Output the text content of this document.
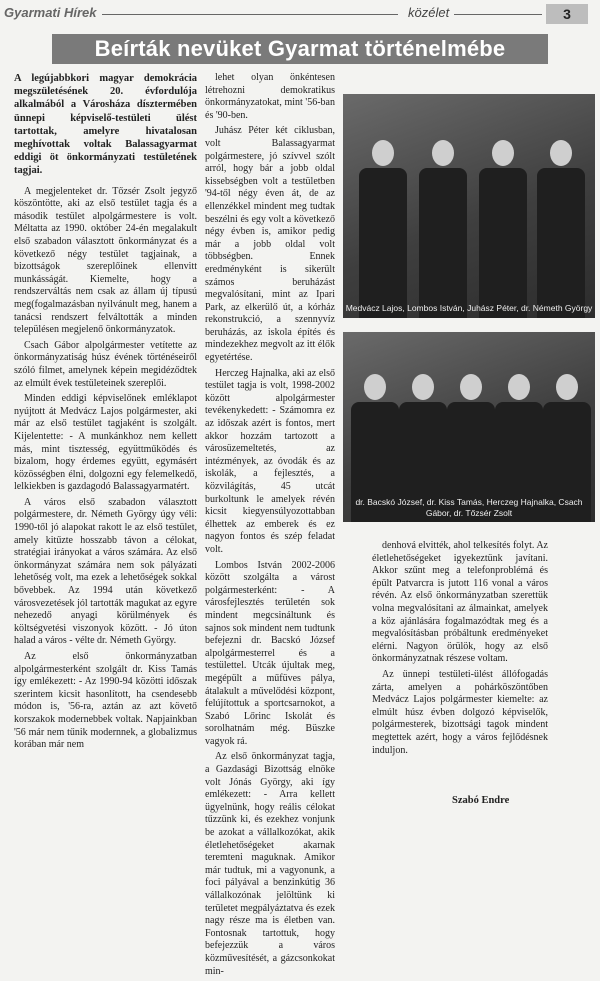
Gyarmati Hírek	közélet	3
Beírták nevüket Gyarmat történelmébe

A legújabbkori magyar demokrácia megszületésének 20. évfordulója alkalmából a Városháza dísztermében ünnepi képviselő-testületi ülést tartottak, amelyre hivatalosan meghívottak voltak Balassagyarmat eddigi öt önkormányzati testületének tagjai.

A megjelenteket dr. Tőzsér Zsolt jegyző köszöntötte, aki az első testület tagja és a második testület alpolgármestere is volt. Méltatta az 1990. október 24-én megalakult első szabadon választott önkormányzat és a következő négy testület tagjainak, a bizottságok szereplőinek ellenvitt munkásságát. Kiemelte, hogy a rendszerváltás nem csak az állam új típusú meg(fogalmazásban nyilvánult meg, hanem a tanácsi rendszert felváltották a minden településen megjelenő önkormányzatok.

Csach Gábor alpolgármester vetítette az önkormányzatiság húsz évének történéseiről szóló filmet, amelynek képein megidéződtek az elmúlt évek testületeinek szereplői.

Minden eddigi képviselőnek emléklapot nyújtott át Medvácz Lajos polgármester, aki már az első testület tagjaként is szolgált. Kijelentette: - A munkánkhoz nem kellett más, mint tisztesség, együttműködés és bizalom, hogy érdemes együtt, egymásért közösségben élni, dolgozni egy felemelkedő, lelkiekben is gazdagodó Balassagyarmatért.

A város első szabadon választott polgármestere, dr. Németh György úgy véli: 1990-től jó alapokat rakott le az első testület, amely kitűzte hosszabb távon a célokat, stratégiai irányokat a város számára. Az első önkormányzat számára nem sok pályázati lehetőség volt, ma ezek a lehetőségek sokkal bővebbek. Az 1994 után következő városvezetések jól tartották magukat az egyre nehezedő anyagi körülmények és költségvetési viszonyok között. - Jó úton halad a város - vélte dr. Németh György.

Az első önkormányzatban alpolgármesterként szolgált dr. Kiss Tamás így emlékezett: - Az 1990-94 közötti időszak szerintem kicsit hasonlított, ha csendesebb módon is, '56-ra, aztán az azt követő korszakok modernebbek voltak. Napjainkban '56 már nem tűnik modernnek, a globalizmus korában már nem

lehet olyan önkéntesen létrehozni demokratikus önkormányzatokat, mint '56-ban és '90-ben.

Juhász Péter két ciklusban, volt Balassagyarmat polgármestere, jó szívvel szólt arról, hogy bár a jobb oldal kissebségben volt a testületben '94-től négy éven át, de az ellenzékkel mindent meg tudtak beszélni és egy volt a következő négy évben is, amikor pedig már a jobb oldal volt többségben. Ennek eredményként is sikerült számos beruházást megvalósítani, mint az Ipari Park, az elkerülő út, a kórház rekonstrukció, a szennyvíz beruházás, az iskola építés és mindezekhez megvolt az itt élők egyetértése.

Herczeg Hajnalka, aki az első testület tagja is volt, 1998-2002 között alpolgármester tevékenykedett: - Számomra ez az időszak azért is fontos, mert akkor hozzám tartozott a városüzemeltetés, az intézmények, az óvodák és az iskolák, a fejlesztés, a közvilágítás, 45 utcát burkoltunk le amelyek révén kicsit kiegyensúlyozottabban élhettek az emberek és ez nagyon fontos és szép feladat volt.

Lombos István 2002-2006 között szolgálta a várost polgármesterként: - A városfejlesztés területén sok mindent megcsináltunk és sajnos sok mindent nem tudtunk befejezni dr. Bacskó József alpolgármesterrel és a testülettel. Utcák újultak meg, megépült a műfüves pálya, átalakult a művelődési központ, felújítottuk a sportcsarnokot, a Szabó Lőrinc Iskolát és sorolhatnám még. Büszke vagyok rá.

Az első önkormányzat tagja, a Gazdasági Bizottság elnöke volt Jónás György, aki így emlékezett: - Arra kellett ügyelnünk, hogy reális célokat tűzzünk ki, és ezekhez vonjunk be azokat a vállalkozókat, akik életlehetőségeket akarnak teremteni maguknak. Amikor már tudtuk, mi a vagyonunk, a foci pályával a benzinkútig 36 vállalkozónak jelöltünk ki területet megpályáztatva és ezek nagy része ma is életben van. Fontosnak tartottuk, hogy befejezzük a város közművesítését, a gázcsonkokat min-

Medvácz Lajos, Lombos István, Juhász Péter, dr. Németh György
dr. Bacskó József, dr. Kiss Tamás, Herczeg Hajnalka, Csach Gábor, dr. Tőzsér Zsolt

denhová elvitték, ahol telkesítés folyt. Az életlehetőségeket igyekeztünk javítani. Akkor szűnt meg a telefonproblémá és épült Patvarcra is jutott 116 vonal a város révén. Az első önkormányzatban szerettük volna megvalósítani az álmainkat, amelyek a köz ajánlására fogalmazódtak meg és a megvalósításban próbáltunk eredményeket elérni. Nagyon örülök, hogy az első önkormányzatnak részese voltam.

Az ünnepi testületi-ülést állófogadás zárta, amelyen a pohárköszöntőben Medvácz Lajos polgármester kiemelte: az elmúlt húsz évben dolgozó képviselők, polgármesterek, bizottsági tagok mindent megtettek azért, hogy a város fejlődésnek induljon.

Szabó Endre
